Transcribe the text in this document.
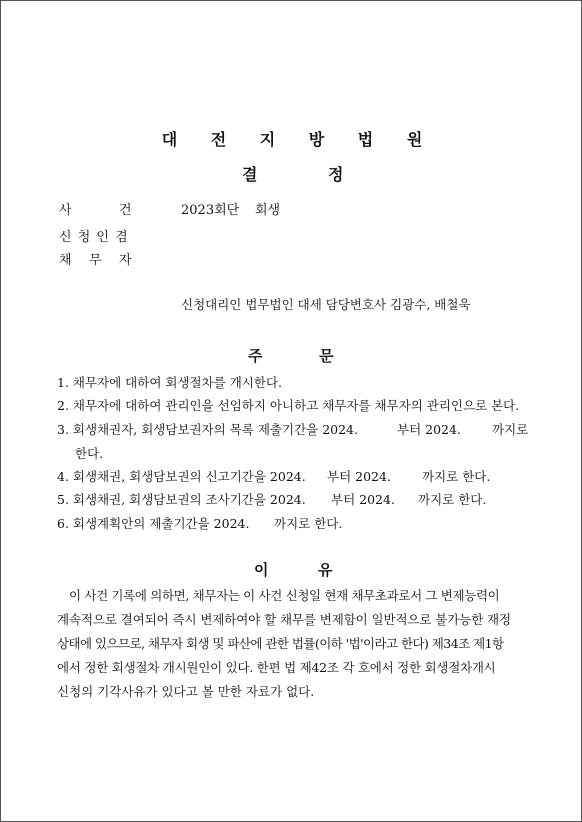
대 전 지 방 법 원
결	정
사	건	2023회단 회생
신 청 인 겸
채 무 자
신청대리인 법무법인 대세 담당변호사 김광수, 배철욱
주	문
1. 채무자에 대하여 회생절차를 개시한다.
2. 채무자에 대하여 관리인을 선임하지 아니하고 채무자를 채무자의 관리인으로 본다.
3. 회생채권자, 회생담보권자의 목록 제출기간을 2024.	부터 2024. 까지로
한다.
4. 회생채권, 회생담보권의 신고기간을 2024. 부터 2024. 까지로 한다.
5. 회생채권, 회생담보권의 조사기간을 2024. 부터 2024. 까지로 한다.
6. 회생계획안의 제출기간을 2024. 까지로 한다.
이	유
이 사건 기록에 의하면, 채무자는 이 사건 신청일 현재 채무초과로서 그 변제능력이
계속적으로 결여되어 즉시 변제하여야 할 채무를 변제함이 일반적으로 불가능한 재정
상태에 있으므로, 채무자 회생 및 파산에 관한 법률(이하 '법'이라고 한다) 제34조 제1항
에서 정한 회생절차 개시원인이 있다. 한편 법 제42조 각 호에서 정한 회생절차개시
신청의 기각사유가 있다고 볼 만한 자료가 없다.
